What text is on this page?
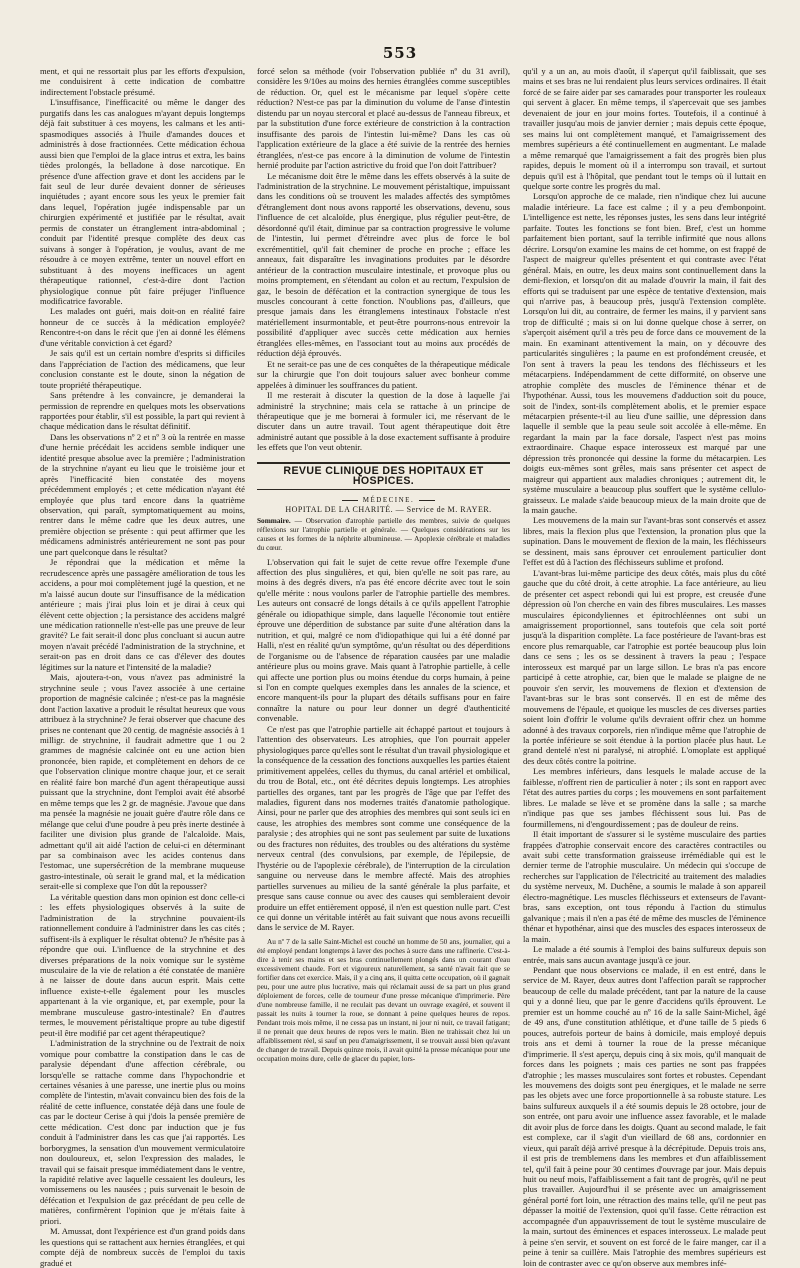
553

ment, et qui ne ressortait plus par les efforts d'expulsion, me conduisirent à cette indication de combattre indirectement l'obstacle présumé.

L'insuffisance, l'inefficacité ou même le danger des purgatifs dans les cas analogues m'ayant depuis longtemps déjà fait substituer à ces moyens, les calmans et les anti-spasmodiques associés à l'huile d'amandes douces et administrés à dose fractionnées. Cette médication échoua aussi bien que l'emploi de la glace intrus et extra, les bains tièdes prolongés, la belladone à dose narcotique. En présence d'une affection grave et dont les accidens par le fait seul de leur durée devaient donner de sérieuses inquiétudes ; ayant encore sous les yeux le premier fait dans lequel, l'opération jugée indispensable par un chirurgien expérimenté et justifiée par le résultat, avait permis de constater un étranglement intra-abdominal ; conduit par l'identité presque complète des deux cas suivans à songer à l'opération, je voulus, avant de me résoudre à ce moyen extrême, tenter un nouvel effort en substituant à des moyens inefficaces un agent thérapeutique rationnel, c'est-à-dire dont l'action physiologique connue pût faire préjuger l'influence modificatrice favorable.

Les malades ont guéri, mais doit-on en réalité faire honneur de ce succès à la médication employée? Rencontre-t-on dans le récit que j'en ai donné les élémens d'une véritable conviction à cet égard?

Je sais qu'il est un certain nombre d'esprits si difficiles dans l'appréciation de l'action des médicamens, que leur conclusion constante est le doute, sinon la négation de toute propriété thérapeutique.

Sans prétendre à les convaincre, je demanderai la permission de reprendre en quelques mots les observations rapportées pour établir, s'il est possible, la part qui revient à chaque médication dans le résultat définitif.

Dans les observations nº 2 et nº 3 où la rentrée en masse d'une hernie précédait les accidens semble indiquer une identité presque absolue avec la première ; l'administration de la strychnine n'ayant eu lieu que le troisième jour et après l'inefficacité bien constatée des moyens précédemment employés ; et cette médication n'ayant été employée que plus tard encore dans la quatrième observation, qui paraît, symptomatiquement au moins, rentrer dans le même cadre que les deux autres, une première objection se présente : qui peut affirmer que les médicamens administrés antérieurement ne sont pas pour une part quelconque dans le résultat?

Je répondrai que la médication et même la recrudescence après une passagère amélioration de tous les accidens, a pour moi complètement jugé la question, et ne m'a laissé aucun doute sur l'insuffisance de la médication antérieure ; mais j'irai plus loin et je dirai à ceux qui élèvent cette objection ; la persistance des accidens malgré une médication rationnelle n'est-elle pas une preuve de leur gravité? Le fait serait-il donc plus concluant si aucun autre moyen n'avait précédé l'administration de la strychnine, et serait-on pas en droit dans ce cas d'élever des doutes légitimes sur la nature et l'intensité de la maladie?

Mais, ajoutera-t-on, vous n'avez pas administré la strychnine seule ; vous l'avez associée à une certaine proportion de magnésie calcinée ; n'est-ce pas la magnésie dont l'action laxative a produit le résultat heureux que vous attribuez à la strychnine? Je ferai observer que chacune des prises ne contenant que 20 centig. de magnésie associés à 1 milligr. de strychnine, il faudrait admettre que 1 ou 2 grammes de magnésie calcinée ont eu une action bien prononcée, bien rapide, et complètement en dehors de ce que l'observation clinique montre chaque jour, et ce serait en réalité faire bon marché d'un agent thérapeutique aussi puissant que la strychnine, dont l'emploi avait été absorbé en même temps que les 2 gr. de magnésie. J'avoue que dans ma pensée la magnésie ne jouait guère d'autre rôle dans ce mélange que celui d'une poudre à peu près inerte destinée à faciliter une division plus grande de l'alcaloïde. Mais, admettant qu'il ait aidé l'action de celui-ci en déterminant par sa combinaison avec les acides contenus dans l'estomac, une supersécrétion de la membrane muqueuse gastro-intestinale, où serait le grand mal, et la médication serait-elle si complexe que l'on dût la repousser?

La véritable question dans mon opinion est donc celle-ci : les effets physiologiques observés à la suite de l'administration de la strychnine pouvaient-ils rationnellement conduire à l'administrer dans les cas cités ; suffisent-ils à expliquer le résultat obtenu? Je n'hésite pas à répondre que oui. L'influence de la strychnine et des diverses préparations de la noix vomique sur le système musculaire de la vie de relation a été constatée de manière à ne laisser de doute dans aucun esprit. Mais cette influence existe-t-elle également pour les muscles appartenant à la vie organique, et, par exemple, pour la membrane musculeuse gastro-intestinale? En d'autres termes, le mouvement péristaltique propre au tube digestif peut-il être modifié par cet agent thérapeutique?

L'administration de la strychnine ou de l'extrait de noix vomique pour combattre la constipation dans le cas de paralysie dépendant d'une affection cérébrale, ou lorsqu'elle se rattache comme dans l'hypochondrie et certaines vésanies à une paresse, une inertie plus ou moins complète de l'intestin, m'avait convaincu bien des fois de la réalité de cette influence, constatée déjà dans une foule de cas par le docteur Cerise à qui j'dois la pensée première de cette médication. C'est donc par induction que je fus conduit à l'administrer dans les cas que j'ai rapportés. Les borborygmes, la sensation d'un mouvement vermiculatoire non douloureux, et, selon l'expression des malades, le travail qui se faisait presque immédiatement dans le ventre, la rapidité relative avec laquelle cessaient les douleurs, les vomissemens ou les nausées ; puis survenait le besoin de défécation et l'expulsion de gaz précédant de peu celle de matières, confirmèrent l'opinion que je m'étais faite à priori.

M. Amussat, dont l'expérience est d'un grand poids dans les questions qui se rattachent aux hernies étranglées, et qui compte déjà de nombreux succès de l'emploi du taxis gradué et

forcé selon sa méthode (voir l'observation publiée nº du 31 avril), considère les 9/10es au moins des hernies étranglées comme susceptibles de réduction. Or, quel est le mécanisme par lequel s'opère cette réduction? N'est-ce pas par la diminution du volume de l'anse d'intestin distendu par un noyau stercoral et placé au-dessus de l'anneau fibreux, et par la substitution d'une force extérieure de constriction à la contraction insuffisante des parois de l'intestin lui-même? Dans les cas où l'application extérieure de la glace a été suivie de la rentrée des hernies étranglées, n'est-ce pas encore à la diminution de volume de l'intestin hernié produite par l'action astrictive du froid que l'on doit l'attribuer?

Le mécanisme doit être le même dans les effets observés à la suite de l'administration de la strychnine. Le mouvement péristaltique, impuissant dans les conditions où se trouvent les malades affectés des symptômes d'étranglement dont nous avons rapporté les observations, devenu, sous l'influence de cet alcaloïde, plus énergique, plus régulier peut-être, de désordonné qu'il était, diminue par sa contraction progressive le volume de l'intestin, lui permet d'étreindre avec plus de force le bol excrémentitiel, qu'il fait cheminer de proche en proche ; efface les anneaux, fait disparaître les invaginations produites par le désordre antérieur de la contraction musculaire intestinale, et provoque plus ou moins promptement, en s'étendant au colon et au rectum, l'expulsion de gaz, le besoin de défécation et la contraction synergique de tous les muscles concourant à cette fonction. N'oublions pas, d'ailleurs, que presque jamais dans les étranglemens intestinaux l'obstacle n'est matériellement insurmontable, et peut-être pourrons-nous entrevoir la possibilité d'appliquer avec succès cette médication aux hernies étranglées elles-mêmes, en l'associant tout au moins aux procédés de réduction déjà éprouvés.

Et ne serait-ce pas une de ces conquêtes de la thérapeutique médicale sur la chirurgie que l'on doit toujours saluer avec bonheur comme appelées à diminuer les souffrances du patient.

Il me resterait à discuter la question de la dose à laquelle j'ai administré la strychnine; mais cela se rattache à un principe de thérapeutique que je me bornerai à formuler ici, me réservant de le discuter dans un autre travail. Tout agent thérapeutique doit être administré autant que possible à la dose exactement suffisante à produire les effets que l'on veut obtenir.

REVUE CLINIQUE DES HOPITAUX ET HOSPICES.

MÉDECINE.

HOPITAL DE LA CHARITÉ. — Service de M. RAYER.

Sommaire. — Observation d'atrophie partielle des membres, suivie de quelques réflexions sur l'atrophie partielle et générale. — Quelques considérations sur les causes et les formes de la néphrite albumineuse. — Apoplexie cérébrale et maladies du cœur.

L'observation qui fait le sujet de cette revue offre l'exemple d'une affection des plus singulières, et qui, bien qu'elle ne soit pas rare, au moins à des degrés divers, n'a pas été encore décrite avec tout le soin qu'elle mérite : nous voulons parler de l'atrophie partielle des membres. Les auteurs ont consacré de longs détails à ce qu'ils appellent l'atrophie générale ou idiopathique simple, dans laquelle l'économie tout entière éprouve une déperdition de substance par suite d'une altération dans la nutrition, et qui, malgré ce nom d'idiopathique qui lui a été donné par Halli, n'est en réalité qu'un symptôme, qu'un résultat ou des déperditions de l'organisme ou de l'absence de réparation causées par une maladie antérieure plus ou moins grave. Mais quant à l'atrophie partielle, à celle qui affecte une portion plus ou moins étendue du corps humain, à peine si l'on en compte quelques exemples dans les annales de la science, et encore manquent-ils pour la plupart des détails suffisans pour en faire connaître la nature ou pour leur donner un degré d'authenticité convenable.

Ce n'est pas que l'atrophie partielle ait échappé partout et toujours à l'attention des observateurs. Les atrophies, que l'on pourrait appeler physiologiques parce qu'elles sont le résultat d'un travail physiologique et la conséquence de la cessation des fonctions auxquelles les parties étaient primitivement appelées, celles du thymus, du canal artériel et ombilical, du trou de Botal, etc., ont été décrites depuis longtemps. Les atrophies partielles des organes, tant par les progrès de l'âge que par l'effet des maladies, figurent dans nos modernes traités d'anatomie pathologique. Ainsi, pour ne parler que des atrophies des membres qui sont seuls ici en cause, les atrophies des membres sont comme une conséquence de la paralysie ; des atrophies qui ne sont pas seulement par suite de luxations ou des fractures non réduites, des troubles ou des altérations du système nerveux central (des convulsions, par exemple, de l'épilepsie, de l'hystérie ou de l'apoplexie cérébrale), de l'interruption de la circulation sanguine ou nerveuse dans le membre affecté. Mais des atrophies partielles survenues au milieu de la santé générale la plus parfaite, et presque sans cause connue ou avec des causes qui sembleraient devoir produire un effet entièrement opposé, il n'en est question nulle part. C'est ce qui donne un véritable intérêt au fait suivant que nous avons recueilli dans le service de M. Rayer.

Au nº 7 de la salle Saint-Michel est couché un homme de 50 ans, journalier, qui a été employé pendant longtemps à laver des poches à sucre dans une raffinerie. C'est-à-dire à tenir ses mains et ses bras continuellement plongés dans un courant d'eau excessivement chaude. Fort et vigoureux naturellement, sa santé n'avait fait que se fortifier dans cet exercice. Mais, il y a cinq ans, il quitta cette occupation, où il gagnait peu, pour une autre plus lucrative, mais qui réclamait aussi de sa part un plus grand déploiement de forces, celle de tourneur d'une presse mécanique d'imprimerie. Père d'une nombreuse famille, il ne reculait pas devant un ouvrage exagéré, et souvent il passait les nuits à tourner la roue, se donnant à peine quelques heures de repos. Pendant trois mois même, il ne cessa pas un instant, ni jour ni nuit, ce travail fatigant; il ne prenait que deux heures de repos vers le matin. Bien ne trahissait chez lui un affaiblissement réel, si sauf un peu d'amaigrissement, il se trouvait aussi bien qu'avant de changer de travail. Depuis quinze mois, il avait quitté la presse mécanique pour une occupation moins dure, celle de glacer du papier, lors-

qu'il y a un an, au mois d'août, il s'aperçut qu'il faiblissait, que ses mains et ses bras ne lui rendaient plus leurs services ordinaires. Il était forcé de se faire aider par ses camarades pour transporter les rouleaux qui servent à glacer. En même temps, il s'apercevait que ses jambes devenaient de jour en jour moins fortes. Toutefois, il a continué à travailler jusqu'au mois de janvier dernier ; mais depuis cette époque, ses mains lui ont complètement manqué, et l'amaigrissement des membres supérieurs a été continuellement en augmentant. Le malade a même remarqué que l'amaigrissement a fait des progrès bien plus rapides, depuis le moment où il a interrompu son travail, et surtout depuis qu'il est à l'hôpital, que pendant tout le temps où il luttait en quelque sorte contre les progrès du mal.

Lorsqu'on approche de ce malade, rien n'indique chez lui aucune maladie intérieure. La face est calme ; il y a peu d'embonpoint. L'intelligence est nette, les réponses justes, les sens dans leur intégrité parfaite. Toutes les fonctions se font bien. Bref, c'est un homme parfaitement bien portant, sauf la terrible infirmité que nous allons décrire. Lorsqu'on examine les mains de cet homme, on est frappé de l'aspect de maigreur qu'elles présentent et qui contraste avec l'état général. Mais, en outre, les deux mains sont continuellement dans la demi-flexion, et lorsqu'on dit au malade d'ouvrir la main, il fait des efforts qui se traduisent par une espèce de tentative d'extension, mais qui n'arrive pas, à beaucoup près, jusqu'à l'extension complète. Lorsqu'on lui dit, au contraire, de fermer les mains, il y parvient sans trop de difficulté ; mais si on lui donne quelque chose à serrer, on s'aperçoit aisément qu'il a très peu de force dans ce mouvement de la main. En examinant attentivement la main, on y découvre des particularités singulières ; la paume en est profondément creusée, et l'on sent à travers la peau les tendons des fléchisseurs et les métacarpiens. Indépendamment de cette difformité, on observe une atrophie complète des muscles de l'éminence thénar et de l'hypothénar. Aussi, tous les mouvemens d'adduction soit du pouce, soit de l'index, sont-ils complètement abolis, et le premier espace métacarpien présente-t-il au lieu d'une saillie, une dépression dans laquelle il semble que la peau seule soit accolée à elle-même. En regardant la main par la face dorsale, l'aspect n'est pas moins extraordinaire. Chaque espace interosseux est marqué par une dépression très prononcée qui dessine la forme du métacarpien. Les doigts eux-mêmes sont grêles, mais sans présenter cet aspect de maigreur qui appartient aux maladies chroniques ; autrement dit, le système musculaire a beaucoup plus souffert que le système cellulo-graisseux. Le malade s'aide beaucoup mieux de la main droite que de la main gauche.

Les mouvemens de la main sur l'avant-bras sont conservés et assez libres, mais la flexion plus que l'extension, la pronation plus que la supination. Dans le mouvement de flexion de la main, les fléchisseurs se dessinent, mais sans éprouver cet enroulement particulier dont l'effet est dû à l'action des fléchisseurs sublime et profond.

L'avant-bras lui-même participe des deux côtés, mais plus du côté gauche que du côté droit, à cette atrophie. La face antérieure, au lieu de présenter cet aspect rebondi qui lui est propre, est creusée d'une dépression où l'on cherche en vain des fibres musculaires. Les masses musculaires épicondyliennes et épitrochléennes ont subi un amaigrissement proportionnel, sans toutefois que cela soit porté jusqu'à la disparition complète. La face postérieure de l'avant-bras est encore plus remarquable, car l'atrophie est portée beaucoup plus loin dans ce sens ; les os se dessinent à travers la peau ; l'espace interosseux est marqué par un large sillon. Le bras n'a pas encore participé à cette atrophie, car, bien que le malade se plaigne de ne pouvoir s'en servir, les mouvemens de flexion et d'extension de l'avant-bras sur le bras sont conservés. Il en est de même des mouvemens de l'épaule, et quoique les muscles de ces diverses parties soient loin d'offrir le volume qu'ils devraient offrir chez un homme adonné à des travaux corporels, rien n'indique même que l'atrophie de la portée inférieure se soit étendue à la portion placée plus haut. Le grand dentelé n'est ni paralysé, ni atrophié. L'omoplate est appliqué des deux côtés contre la poitrine.

Les membres inférieurs, dans lesquels le malade accuse de la faiblesse, n'offrent rien de particulier à noter ; ils sont en rapport avec l'état des autres parties du corps ; les mouvemens en sont parfaitement libres. Le malade se lève et se promène dans la salle ; sa marche n'indique pas que ses jambes fléchissent sous lui. Pas de fourmillemens, ni d'engourdissement ; pas de douleur de reins.

Il était important de s'assurer si le système musculaire des parties frappées d'atrophie conservait encore des caractères contractiles ou avait subi cette transformation graisseuse irrémédiable qui est le dernier terme de l'atrophie musculaire. Un médecin qui s'occupe de recherches sur l'application de l'électricité au traitement des maladies du système nerveux, M. Duchêne, a soumis le malade à son appareil électro-magnétique. Les muscles fléchisseurs et extenseurs de l'avant-bras, sans exception, ont tous répondu à l'action du stimulus galvanique ; mais il n'en a pas été de même des muscles de l'éminence thénar et hypothénar, ainsi que des muscles des espaces interosseux de la main.

Le malade a été soumis à l'emploi des bains sulfureux depuis son entrée, mais sans aucun avantage jusqu'à ce jour.

Pendant que nous observions ce malade, il en est entré, dans le service de M. Rayer, deux autres dont l'affection paraît se rapprocher beaucoup de celle du malade précédent, tant par la nature de la cause qui y a donné lieu, que par le genre d'accidens qu'ils éprouvent. Le premier est un homme couché au nº 16 de la salle Saint-Michel, âgé de 49 ans, d'une constitution athlétique, et d'une taille de 5 pieds 6 pouces, autrefois porteur de bains à domicile, mais employé depuis trois ans et demi à tourner la roue de la presse mécanique d'imprimerie. Il s'est aperçu, depuis cinq à six mois, qu'il manquait de forces dans les poignets ; mais ces parties ne sont pas frappées d'atrophie ; les masses musculaires sont fortes et robustes. Cependant les mouvemens des doigts sont peu énergiques, et le malade ne serre pas les objets avec une force proportionnelle à sa robuste stature. Les bains sulfureux auxquels il a été soumis depuis le 28 octobre, jour de son entrée, ont paru avoir une influence assez favorable, et le malade dit avoir plus de force dans les doigts. Quant au second malade, le fait est complexe, car il s'agit d'un vieillard de 68 ans, cordonnier en vieux, qui paraît déjà arrivé presque à la décrépitude. Depuis trois ans, il est pris de tremblemens dans les membres et d'un affaiblissement tel, qu'il fait à peine pour 30 centimes d'ouvrage par jour. Mais depuis huit ou neuf mois, l'affaiblissement a fait tant de progrès, qu'il ne peut plus travailler. Aujourd'hui il se présente avec un amaigrissement général porté fort loin, une rétraction des mains telle, qu'il ne peut pas dépasser la moitié de l'extension, quoi qu'il fasse. Cette rétraction est accompagnée d'un appauvrissement de tout le système musculaire de la main, surtout des éminences et espaces interosseux. Le malade peut à peine s'en servir, et souvent on est forcé de le faire manger, car il a peine à tenir sa cuillère. Mais l'atrophie des membres supérieurs est loin de contraster avec ce qu'on observe aux membres infé-
